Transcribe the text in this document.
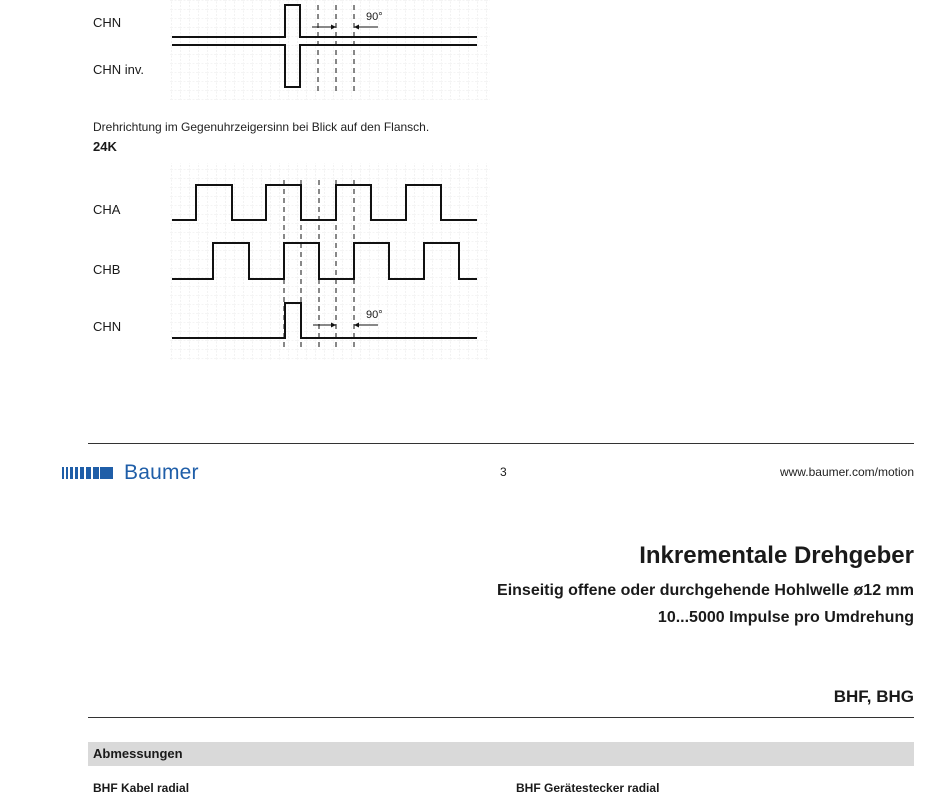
CHN
CHN inv.
90°
Drehrichtung im Gegenuhrzeigersinn bei Blick auf den Flansch.
24K
CHA
CHB
CHN
90°
Baumer	3	www.baumer.com/motion
Inkrementale Drehgeber
Einseitig offene oder durchgehende Hohlwelle ø12 mm
10...5000 Impulse pro Umdrehung
BHF, BHG
Abmessungen
BHF Kabel radial	BHF Gerätestecker radial
